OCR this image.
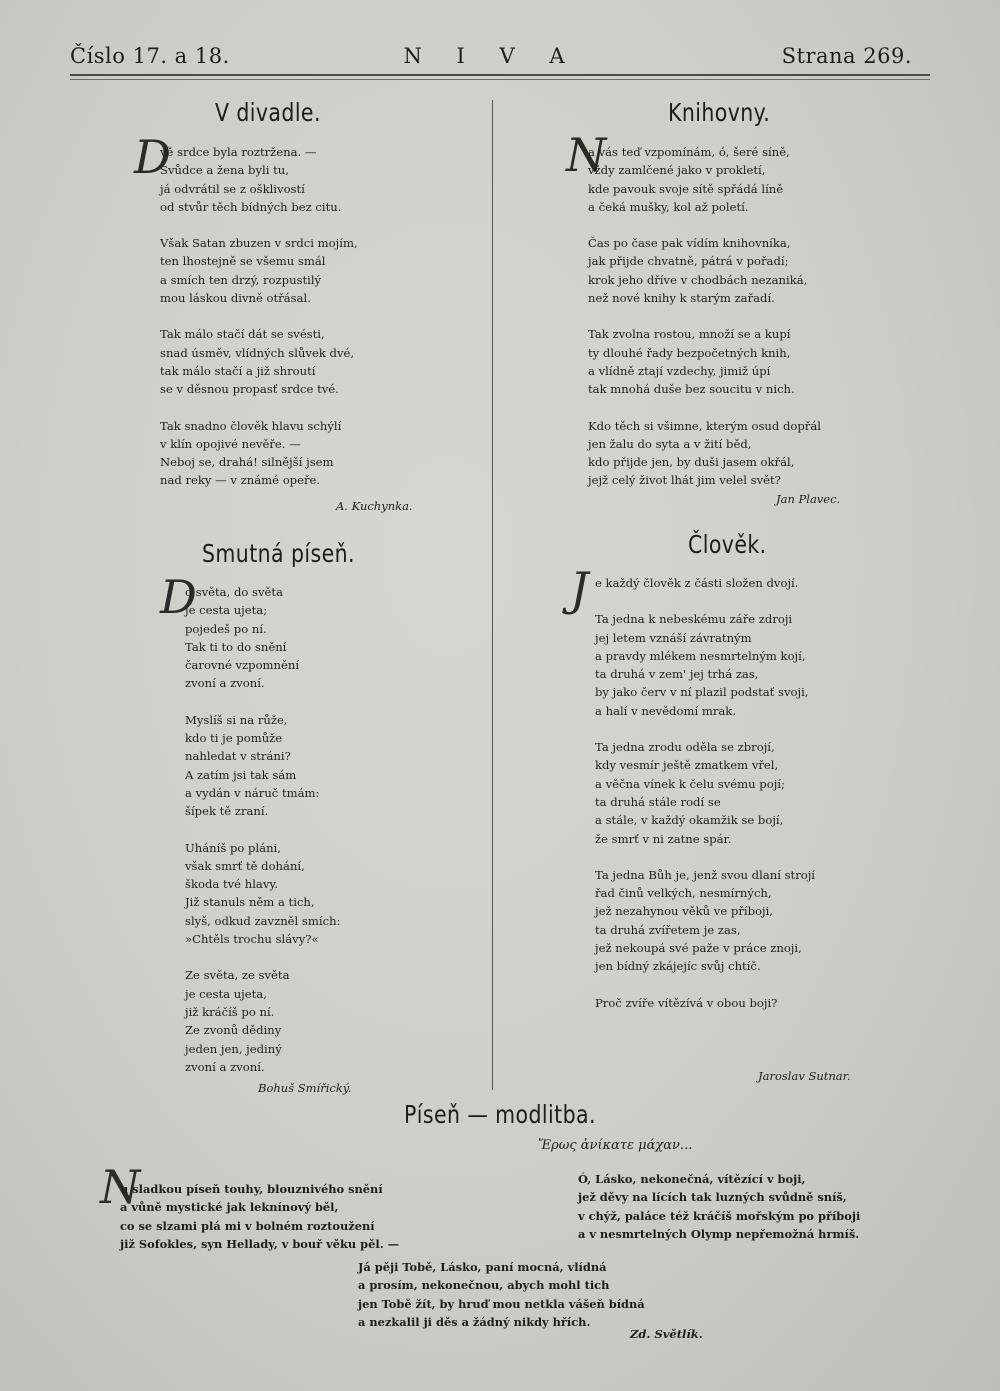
Číslo 17. a 18.	N I V A	Strana 269.
V divadle.
D
vě srdce byla roztržena. —
Svůdce a žena byli tu,
já odvrátil se z ošklivostí
od stvůr těch bídných bez citu.
Však Satan zbuzen v srdci mojím,
ten lhostejně se všemu smál
a smích ten drzý, rozpustilý
mou láskou divně otřásal.
Tak málo stačí dát se svésti,
snad úsměv, vlídných slůvek dvé,
tak málo stačí a již shroutí
se v děsnou propasť srdce tvé.
Tak snadno člověk hlavu schýlí
v klín opojivé nevěře. —
Neboj se, drahá! silnější jsem
nad reky — v známé opeře.
A. Kuchynka.
Smutná píseň.
D
o světa, do světa
je cesta ujeta;
pojedeš po ní.
Tak ti to do snění
čarovné vzpomnění
zvoní a zvoní.
Myslíš si na růže,
kdo ti je pomůže
nahledat v stráni?
A zatím jsi tak sám
a vydán v náruč tmám:
šípek tě zraní.
Uháníš po pláni,
však smrť tě dohání,
škoda tvé hlavy.
Již stanuls něm a tich,
slyš, odkud zavzněl smích:
»Chtěls trochu slávy?«
Ze světa, ze světa
je cesta ujeta,
již kráčíš po ní.
Ze zvonů dědiny
jeden jen, jediný
zvoní a zvoní.
Bohuš Smířický.
Knihovny.
N
a vás teď vzpomínám, ó, šeré síně,
vždy zamlčené jako v prokletí,
kde pavouk svoje sítě spřádá líně
a čeká mušky, kol až poletí.
Čas po čase pak vídím knihovníka,
jak přijde chvatně, pátrá v pořadí;
krok jeho dříve v chodbách nezaniká,
než nové knihy k starým zařadí.
Tak zvolna rostou, množí se a kupí
ty dlouhé řady bezpočetných knih,
a vlídně ztají vzdechy, jimiž úpí
tak mnohá duše bez soucitu v nich.
Kdo těch si všimne, kterým osud dopřál
jen žalu do syta a v žití běd,
kdo přijde jen, by duši jasem okřál,
jejž celý život lhát jim velel svět?
Jan Plavec.
Člověk.
J e každý člověk z části složen dvojí.
Ta jedna k nebeskému záře zdroji
jej letem vznáší závratným
a pravdy mlékem nesmrtelným kojí,
ta druhá v zem' jej trhá zas,
by jako červ v ní plazil podstať svoji,
a halí v nevědomí mrak.
Ta jedna zrodu oděla se zbrojí,
kdy vesmír ještě zmatkem vřel,
a věčna vínek k čelu svému pojí;
ta druhá stále rodí se
a stále, v každý okamžik se bojí,
že smrť v ni zatne spár.
Ta jedna Bůh je, jenž svou dlaní strojí
řad činů velkých, nesmírných,
jež nezahynou věků ve příboji,
ta druhá zvířetem je zas,
jež nekoupá své paže v práce znoji,
jen bídný zkájejíc svůj chtíč.
Proč zvíře vítězívá v obou boji?
Jaroslav Sutnar.
Píseň — modlitba.
Ἔρως ἀνίκατε μάχαν...
N
u sladkou píseň touhy, blouznivého snění
a vůně mystické jak leknínový běl,
co se slzami plá mi v bolném roztoužení
již Sofokles, syn Hellady, v bouř věku pěl. —
Ó, Lásko, nekonečná, vítězící v boji,
jež děvy na lících tak luzných svůdně sníš,
v chýž, paláce též kráčíš mořským po příboji
a v nesmrtelných Olymp nepřemožná hrmíš.
Já pěji Tobě, Lásko, paní mocná, vlídná
a prosím, nekonečnou, abych mohl tich
jen Tobě žít, by hruď mou netkla vášeň bídná
a nezkalil ji děs a žádný nikdy hřích.
Zd. Světlík.
